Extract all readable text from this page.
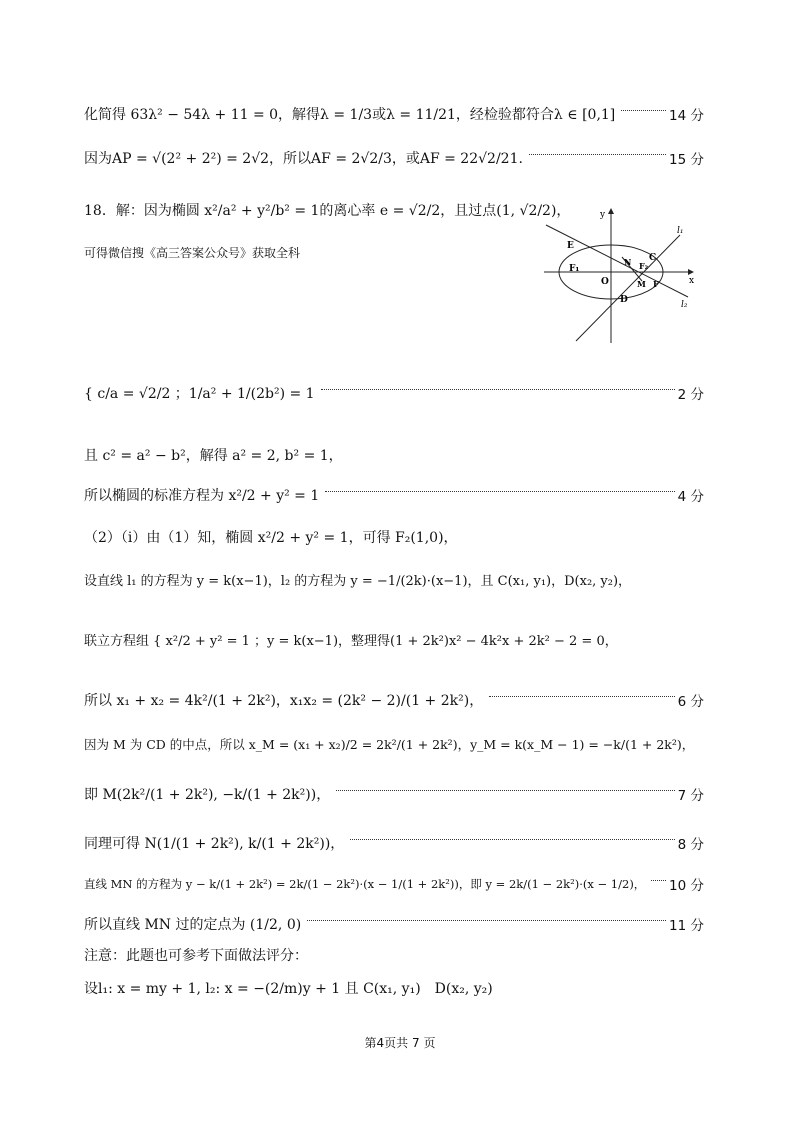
化简得 63λ² − 54λ + 11 = 0，解得λ = 1/3或λ = 11/21，经检验都符合λ ∈ [0,1]	14 分
因为AP = √(2² + 2²) = 2√2，所以AF = 2√2/3，或AF = 22√2/21.	15 分
18．解：因为椭圆 x²/a² + y²/b² = 1的离心率 e = √2/2，且过点(1, √2/2)，
可得微信搜《高三答案公众号》获取全科
y
x
O
E
F₁
N C
F₂
M F
D
l₁
l₂
{ c/a = √2/2 ；1/a² + 1/(2b²) = 1	2 分
且 c² = a² − b²，解得 a² = 2, b² = 1，
所以椭圆的标准方程为 x²/2 + y² = 1	4 分
（2）（ⅰ）由（1）知，椭圆 x²/2 + y² = 1，可得 F₂(1,0)，
设直线 l₁ 的方程为 y = k(x−1)，l₂ 的方程为 y = −1/(2k)·(x−1)，且 C(x₁, y₁)，D(x₂, y₂)，
联立方程组 { x²/2 + y² = 1 ；y = k(x−1)，整理得(1 + 2k²)x² − 4k²x + 2k² − 2 = 0，
所以 x₁ + x₂ = 4k²/(1 + 2k²)，x₁x₂ = (2k² − 2)/(1 + 2k²)，	6 分
因为 M 为 CD 的中点，所以 x_M = (x₁ + x₂)/2 = 2k²/(1 + 2k²)，y_M = k(x_M − 1) = −k/(1 + 2k²)，
即 M(2k²/(1 + 2k²), −k/(1 + 2k²))，	7 分
同理可得 N(1/(1 + 2k²), k/(1 + 2k²))，	8 分
直线 MN 的方程为 y − k/(1 + 2k²) = 2k/(1 − 2k²)·(x − 1/(1 + 2k²))，即 y = 2k/(1 − 2k²)·(x − 1/2)， 10 分
所以直线 MN 过的定点为 (1/2, 0)	11 分
注意：此题也可参考下面做法评分：
设l₁: x = my + 1, l₂: x = −(2/m)y + 1 且 C(x₁, y₁)　D(x₂, y₂)
第4页共 7 页
